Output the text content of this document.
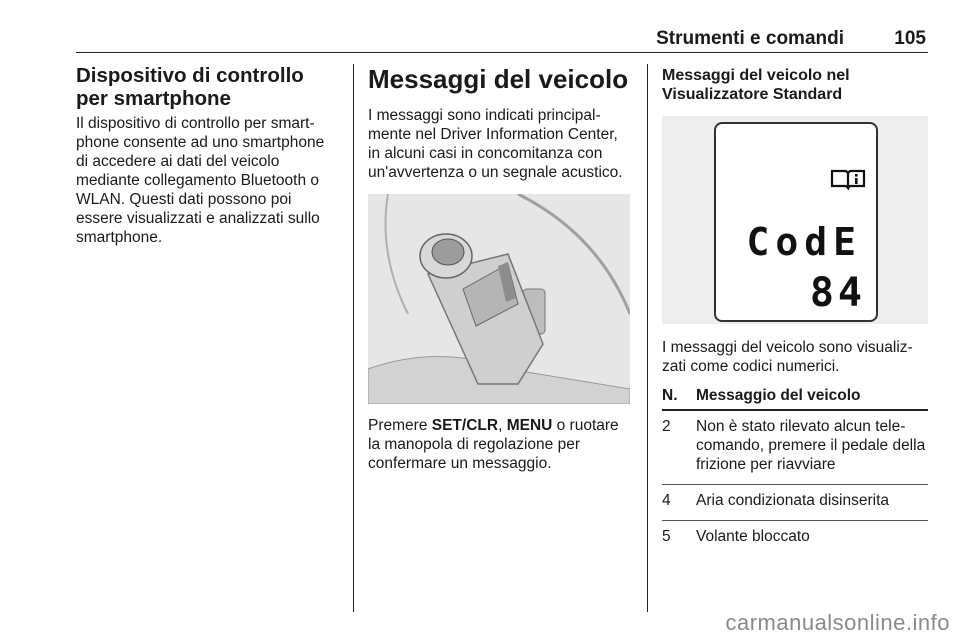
Strumenti e comandi	105
Dispositivo di controllo per smartphone

Il dispositivo di controllo per smart-phone consente ad uno smartphone di accedere ai dati del veicolo mediante collegamento Bluetooth o WLAN. Questi dati possono poi essere visualizzati e analizzati sullo smartphone.

Messaggi del veicolo

I messaggi sono indicati principal-mente nel Driver Information Center, in alcuni casi in concomitanza con un'avvertenza o un segnale acustico.

Premere SET/CLR, MENU o ruotare la manopola di regolazione per confermare un messaggio.

Messaggi del veicolo nel Visualizzatore Standard
CodE
84

I messaggi del veicolo sono visualiz-zati come codici numerici.

N.	Messaggio del veicolo
2	Non è stato rilevato alcun tele-comando, premere il pedale della frizione per riavviare
4	Aria condizionata disinserita
5	Volante bloccato
carmanualsonline.info
